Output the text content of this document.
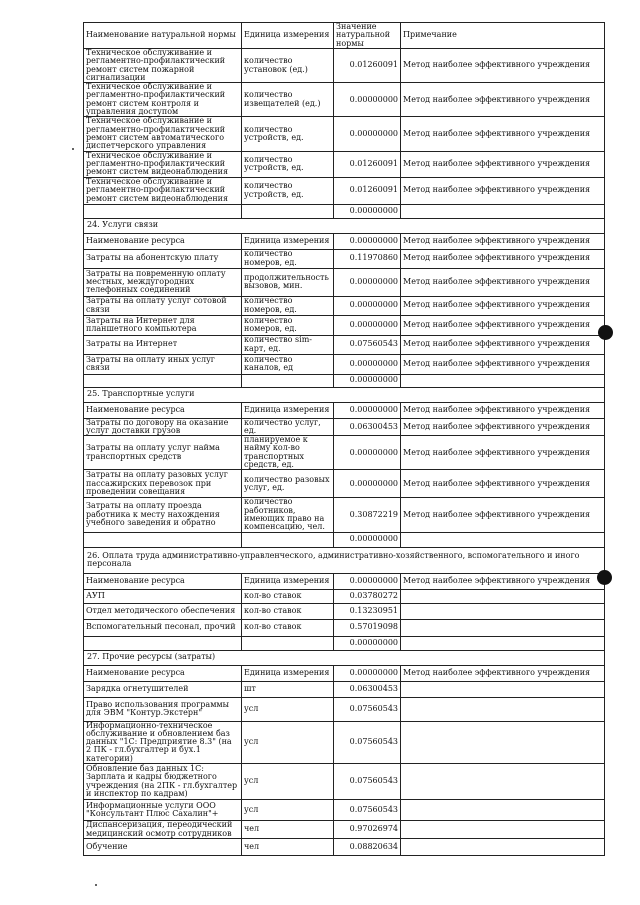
Наименование натуральной нормы	Единица измерения	Значение натуральной нормы	Примечание
Техническое обслуживание и регламентно-профилактический ремонт систем пожарной сигнализации	количество установок (ед.)	0.01260091	Метод наиболее эффективного учреждения
Техническое обслуживание и регламентно-профилактический ремонт систем контроля и управления доступом	количество извещателей (ед.)	0.00000000	Метод наиболее эффективного учреждения
Техническое обслуживание и регламентно-профилактический ремонт систем автоматического диспетчерского управления	количество устройств, ед.	0.00000000	Метод наиболее эффективного учреждения
Техническое обслуживание и регламентно-профилактический ремонт систем видеонаблюдения	количество устройств, ед.	0.01260091	Метод наиболее эффективного учреждения
Техническое обслуживание и регламентно-профилактический ремонт систем видеонаблюдения	количество устройств, ед.	0.01260091	Метод наиболее эффективного учреждения
		0.00000000	
24. Услуги связи			
Наименование ресурса	Единица измерения	0.00000000	Метод наиболее эффективного учреждения
Затраты на абонентскую плату	количество номеров, ед.	0.11970860	Метод наиболее эффективного учреждения
Затраты на повременную оплату местных, междугородних телефонных соединений	продолжительность вызовов, мин.	0.00000000	Метод наиболее эффективного учреждения
Затраты на оплату услуг сотовой связи	количество номеров, ед.	0.00000000	Метод наиболее эффективного учреждения
Затраты на Интернет для планшетного компьютера	количество номеров, ед.	0.00000000	Метод наиболее эффективного учреждения
Затраты на Интернет	количество sim-карт, ед.	0.07560543	Метод наиболее эффективного учреждения
Затраты на оплату иных услуг связи	количество каналов, ед	0.00000000	Метод наиболее эффективного учреждения
		0.00000000	
25. Транспортные услуги			
Наименование ресурса	Единица измерения	0.00000000	Метод наиболее эффективного учреждения
Затраты по договору на оказание услуг доставки грузов	количество услуг, ед.	0.06300453	Метод наиболее эффективного учреждения
Затраты на оплату услуг найма транспортных средств	планируемое к найму кол-во транспортных средств, ед.	0.00000000	Метод наиболее эффективного учреждения
Затраты на оплату разовых услуг пассажирских перевозок при проведении совещания	количество разовых услуг, ед.	0.00000000	Метод наиболее эффективного учреждения
Затраты на оплату проезда работника к месту нахождения учебного заведения и обратно	количество работников, имеющих право на компенсацию, чел.	0.30872219	Метод наиболее эффективного учреждения
		0.00000000	
26. Оплата труда административно-управленческого, административно-хозяйственного, вспомогательного и иного персонала			
Наименование ресурса	Единица измерения	0.00000000	Метод наиболее эффективного учреждения
АУП	кол-во ставок	0.03780272	
Отдел методического обеспечения	кол-во ставок	0.13230951	
Вспомогательный песонал, прочий	кол-во ставок	0.57019098	
		0.00000000	
27. Прочие ресурсы (затраты)			
Наименование ресурса	Единица измерения	0.00000000	Метод наиболее эффективного учреждения
Зарядка огнетушителей	шт	0.06300453	
Право использования программы для ЭВМ "Контур.Экстерн"	усл	0.07560543	
Информационно-техническое обслуживание и обновлением баз данных "1С: Предприятие 8.3" (на 2 ПК - гл.бухгалтер и бух.1 категории)	усл	0.07560543	
Обновление баз данных 1С: Зарплата и кадры бюджетного учреждения (на 2ПК - гл.бухгалтер и инспектор по кадрам)	усл	0.07560543	
Информационные услуги ООО "Консультант Плюс Сахалин"+	усл	0.07560543	
Диспансеризация, переодический медицинский осмотр сотрудников	чел	0.97026974	
Обучение	чел	0.08820634	
